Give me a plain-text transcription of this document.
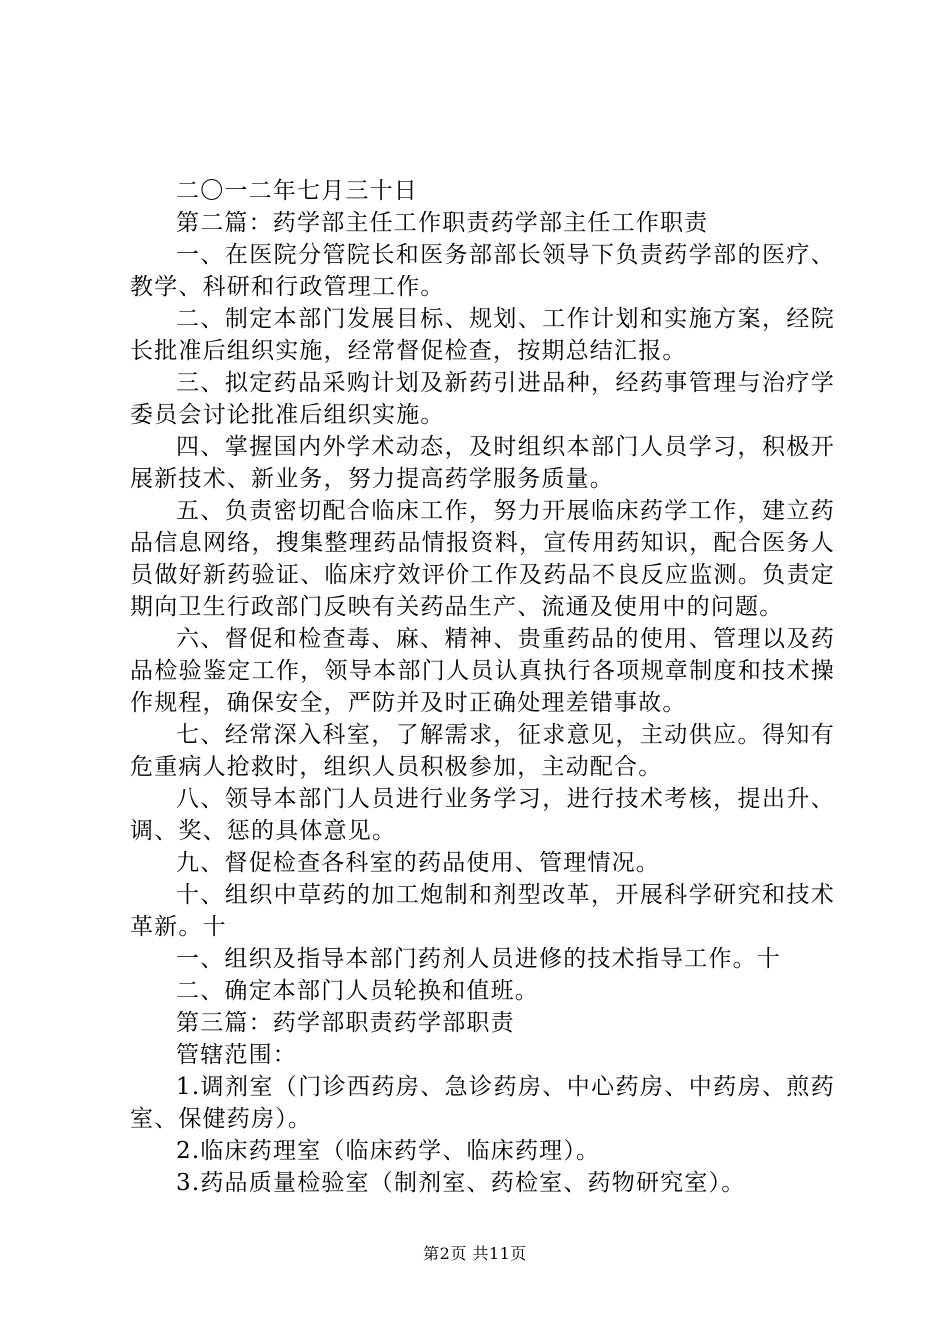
二〇一二年七月三十日

第二篇：药学部主任工作职责药学部主任工作职责

一、在医院分管院长和医务部部长领导下负责药学部的医疗、教学、科研和行政管理工作。

二、制定本部门发展目标、规划、工作计划和实施方案，经院长批准后组织实施，经常督促检查，按期总结汇报。

三、拟定药品采购计划及新药引进品种，经药事管理与治疗学委员会讨论批准后组织实施。

四、掌握国内外学术动态，及时组织本部门人员学习，积极开展新技术、新业务，努力提高药学服务质量。

五、负责密切配合临床工作，努力开展临床药学工作，建立药品信息网络，搜集整理药品情报资料，宣传用药知识，配合医务人员做好新药验证、临床疗效评价工作及药品不良反应监测。负责定期向卫生行政部门反映有关药品生产、流通及使用中的问题。

六、督促和检查毒、麻、精神、贵重药品的使用、管理以及药品检验鉴定工作，领导本部门人员认真执行各项规章制度和技术操作规程，确保安全，严防并及时正确处理差错事故。

七、经常深入科室，了解需求，征求意见，主动供应。得知有危重病人抢救时，组织人员积极参加，主动配合。

八、领导本部门人员进行业务学习，进行技术考核，提出升、调、奖、惩的具体意见。

九、督促检查各科室的药品使用、管理情况。

十、组织中草药的加工炮制和剂型改革，开展科学研究和技术革新。十

一、组织及指导本部门药剂人员进修的技术指导工作。十

二、确定本部门人员轮换和值班。

第三篇：药学部职责药学部职责

管辖范围：

1.调剂室（门诊西药房、急诊药房、中心药房、中药房、煎药室、保健药房）。

2.临床药理室（临床药学、临床药理）。

3.药品质量检验室（制剂室、药检室、药物研究室）。

第2页 共11页
